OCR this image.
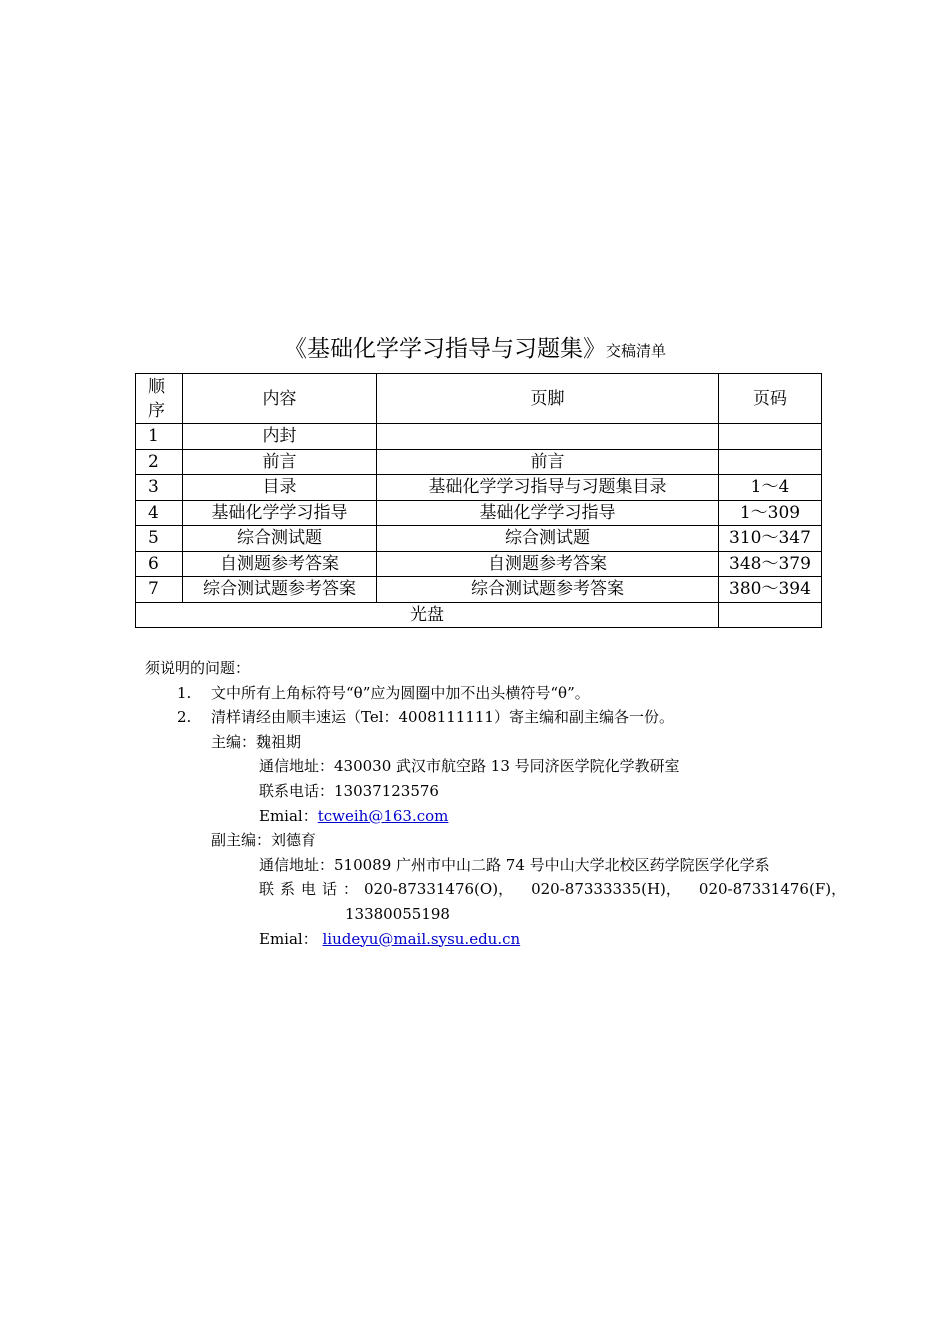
《基础化学学习指导与习题集》交稿清单
顺
序	内容	页脚	页码
1	内封		
2	前言	前言	
3	目录	基础化学学习指导与习题集目录	1～4
4	基础化学学习指导	基础化学学习指导	1～309
5	综合测试题	综合测试题	310～347
6	自测题参考答案	自测题参考答案	348～379
7	综合测试题参考答案	综合测试题参考答案	380～394
光盘			
须说明的问题：
1. 文中所有上角标符号“θ”应为圆圈中加不出头横符号“θ”。
2. 清样请经由顺丰速运（Tel：4008111111）寄主编和副主编各一份。
主编：魏祖期
通信地址：430030 武汉市航空路 13 号同济医学院化学教研室
联系电话：13037123576
Emial：tcweih@163.com
副主编：刘德育
通信地址：510089 广州市中山二路 74 号中山大学北校区药学院医学化学系
联系电话：020-87331476(O)， 020-87333335(H)， 020-87331476(F)，
13380055198
Emial： liudeyu@mail.sysu.edu.cn
